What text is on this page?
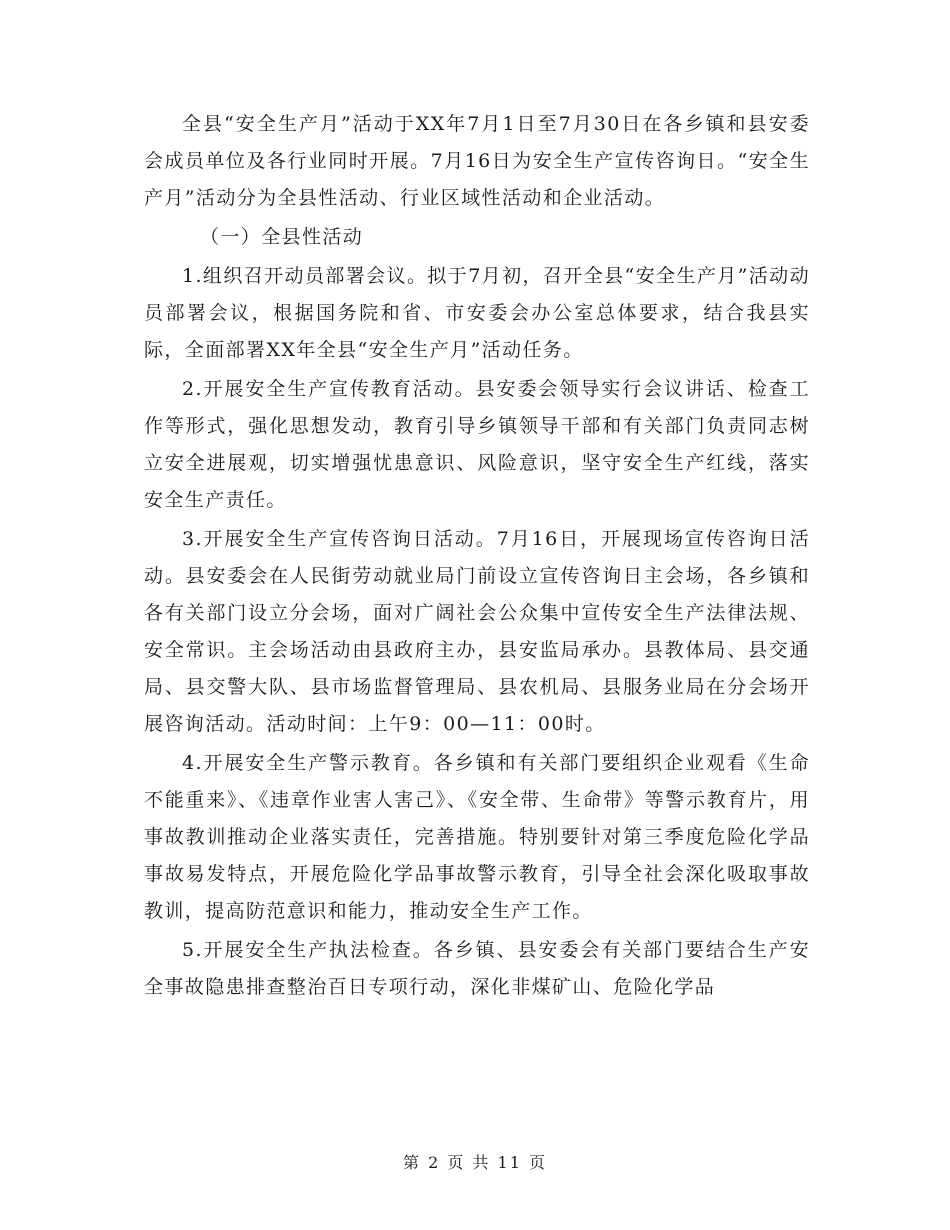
全县“安全生产月”活动于XX年7月1日至7月30日在各乡镇和县安委会成员单位及各行业同时开展。7月16日为安全生产宣传咨询日。“安全生产月”活动分为全县性活动、行业区域性活动和企业活动。

（一）全县性活动

1.组织召开动员部署会议。拟于7月初，召开全县“安全生产月”活动动员部署会议，根据国务院和省、市安委会办公室总体要求，结合我县实际，全面部署XX年全县“安全生产月”活动任务。

2.开展安全生产宣传教育活动。县安委会领导实行会议讲话、检查工作等形式，强化思想发动，教育引导乡镇领导干部和有关部门负责同志树立安全进展观，切实增强忧患意识、风险意识，坚守安全生产红线，落实安全生产责任。

3.开展安全生产宣传咨询日活动。7月16日，开展现场宣传咨询日活动。县安委会在人民街劳动就业局门前设立宣传咨询日主会场，各乡镇和各有关部门设立分会场，面对广阔社会公众集中宣传安全生产法律法规、安全常识。主会场活动由县政府主办，县安监局承办。县教体局、县交通局、县交警大队、县市场监督管理局、县农机局、县服务业局在分会场开展咨询活动。活动时间：上午9：00—11：00时。

4.开展安全生产警示教育。各乡镇和有关部门要组织企业观看《生命不能重来》、《违章作业害人害己》、《安全带、生命带》等警示教育片，用事故教训推动企业落实责任，完善措施。特别要针对第三季度危险化学品事故易发特点，开展危险化学品事故警示教育，引导全社会深化吸取事故教训，提高防范意识和能力，推动安全生产工作。

5.开展安全生产执法检查。各乡镇、县安委会有关部门要结合生产安全事故隐患排查整治百日专项行动，深化非煤矿山、危险化学品

第 2 页 共 11 页
